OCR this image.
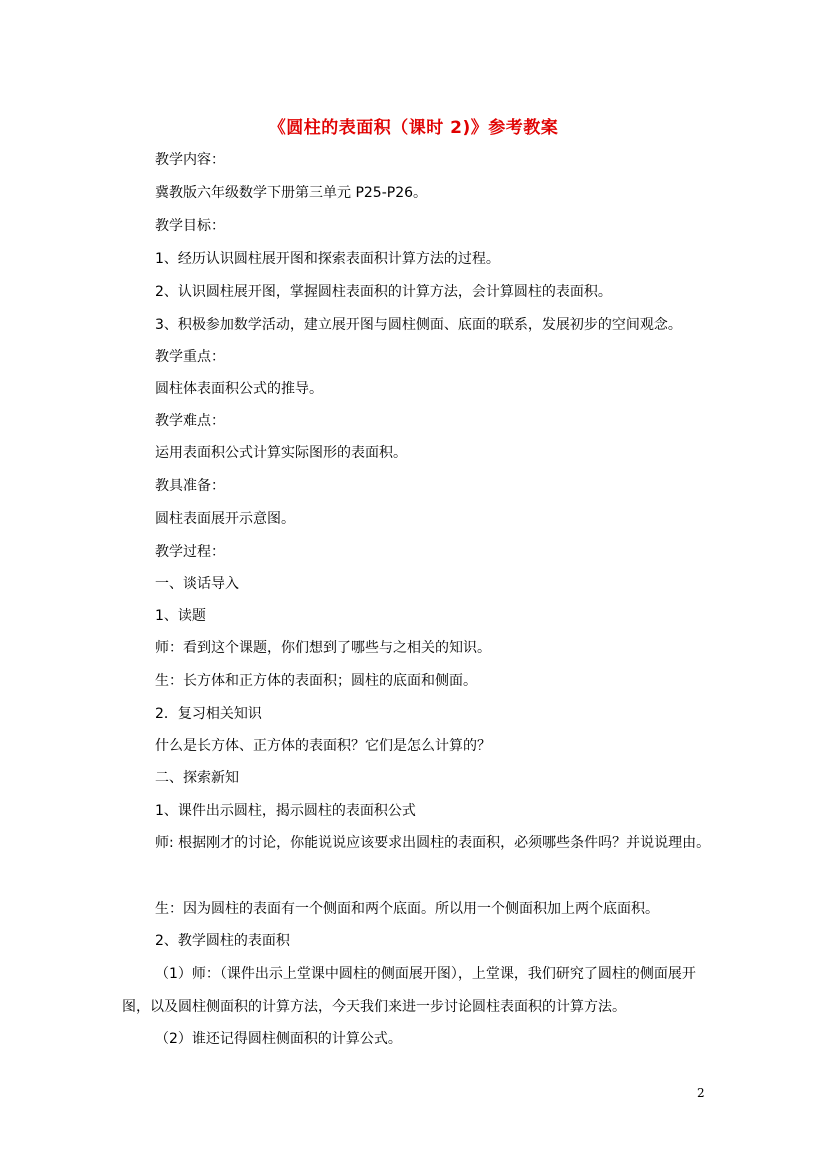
《圆柱的表面积（课时 2)》参考教案
教学内容：
冀教版六年级数学下册第三单元 P25-P26。
教学目标：
1、经历认识圆柱展开图和探索表面积计算方法的过程。
2、认识圆柱展开图，掌握圆柱表面积的计算方法，会计算圆柱的表面积。
3、积极参加数学活动，建立展开图与圆柱侧面、底面的联系，发展初步的空间观念。
教学重点：
圆柱体表面积公式的推导。
教学难点：
运用表面积公式计算实际图形的表面积。
教具准备：
圆柱表面展开示意图。
教学过程：
一、谈话导入
1、读题
师：看到这个课题，你们想到了哪些与之相关的知识。
生：长方体和正方体的表面积；圆柱的底面和侧面。
2．复习相关知识
什么是长方体、正方体的表面积？它们是怎么计算的？
二、探索新知
1、课件出示圆柱，揭示圆柱的表面积公式
师: 根据刚才的讨论，你能说说应该要求出圆柱的表面积，必须哪些条件吗？并说说理由。
生：因为圆柱的表面有一个侧面和两个底面。所以用一个侧面积加上两个底面积。
2、教学圆柱的表面积
（1）师：（课件出示上堂课中圆柱的侧面展开图），上堂课，我们研究了圆柱的侧面展开图，以及圆柱侧面积的计算方法，今天我们来进一步讨论圆柱表面积的计算方法。
（2）谁还记得圆柱侧面积的计算公式。
2
